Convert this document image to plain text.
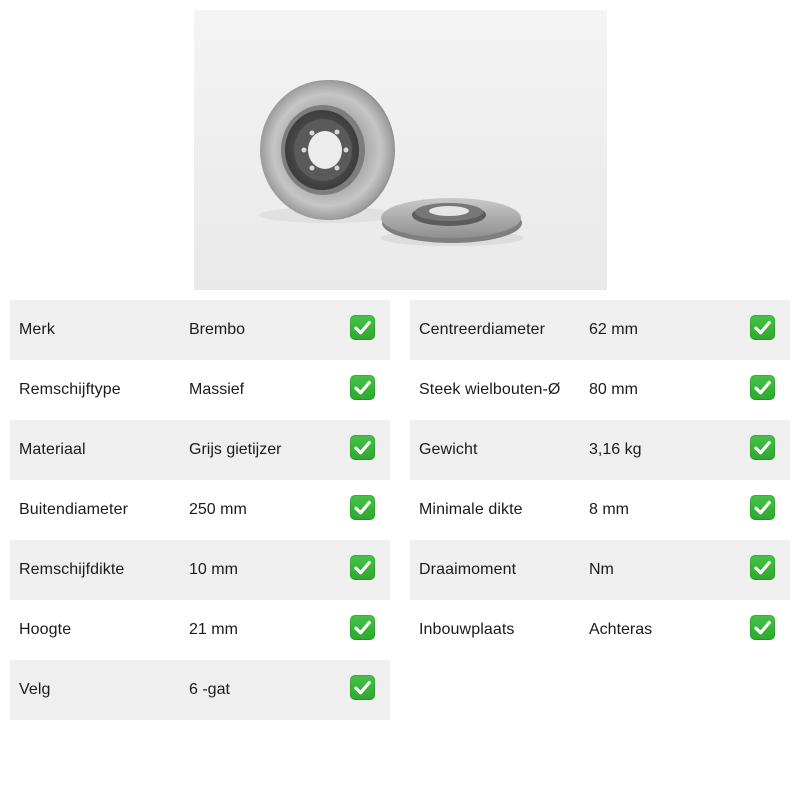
Merk	Brembo
Remschijftype	Massief
Materiaal	Grijs gietijzer
Buitendiameter	250 mm
Remschijfdikte	10 mm
Hoogte	21 mm
Velg	6 -gat
Centreerdiameter	62 mm
Steek wielbouten-Ø 80 mm
Gewicht	3,16 kg
Minimale dikte	8 mm
Draaimoment	Nm
Inbouwplaats	Achteras
